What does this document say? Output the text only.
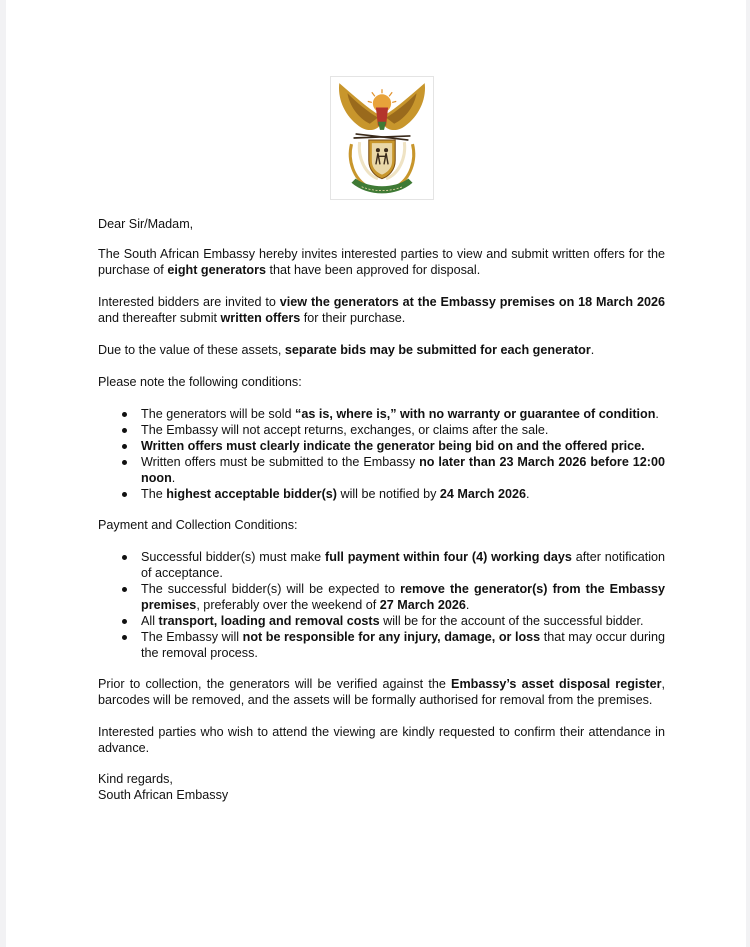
Dear Sir/Madam,

The South African Embassy hereby invites interested parties to view and submit written offers for the purchase of eight generators that have been approved for disposal.

Interested bidders are invited to view the generators at the Embassy premises on 18 March 2026 and thereafter submit written offers for their purchase.

Due to the value of these assets, separate bids may be submitted for each generator.

Please note the following conditions:

The generators will be sold “as is, where is,” with no warranty or guarantee of condition.
The Embassy will not accept returns, exchanges, or claims after the sale.
Written offers must clearly indicate the generator being bid on and the offered price.
Written offers must be submitted to the Embassy no later than 23 March 2026 before 12:00 noon.
The highest acceptable bidder(s) will be notified by 24 March 2026.

Payment and Collection Conditions:

Successful bidder(s) must make full payment within four (4) working days after notification of acceptance.
The successful bidder(s) will be expected to remove the generator(s) from the Embassy premises, preferably over the weekend of 27 March 2026.
All transport, loading and removal costs will be for the account of the successful bidder.
The Embassy will not be responsible for any injury, damage, or loss that may occur during the removal process.

Prior to collection, the generators will be verified against the Embassy’s asset disposal register, barcodes will be removed, and the assets will be formally authorised for removal from the premises.

Interested parties who wish to attend the viewing are kindly requested to confirm their attendance in advance.

Kind regards,
South African Embassy
